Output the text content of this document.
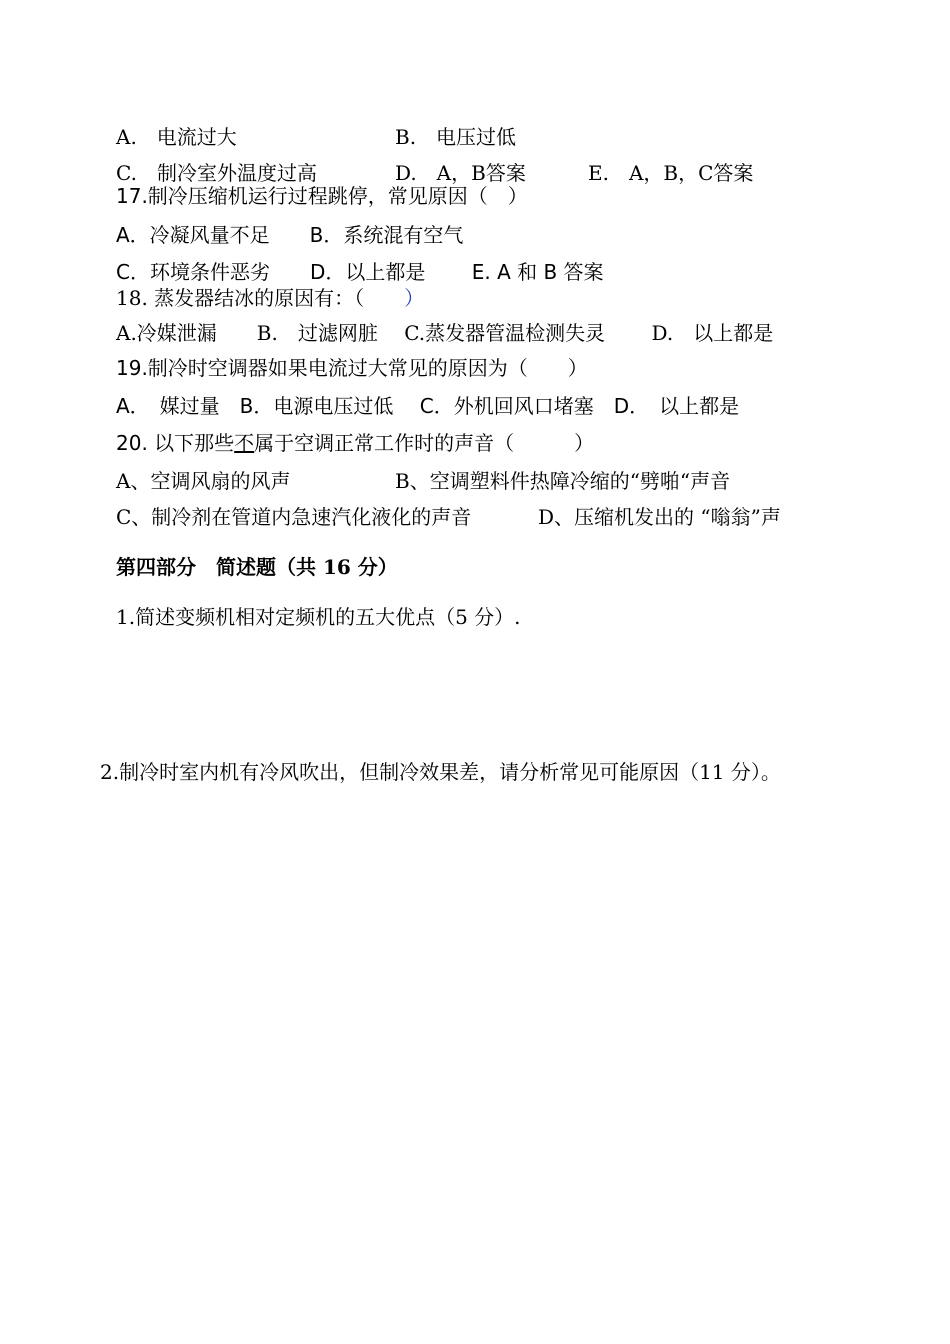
A.　电流过大	B.　电压过低
C.　制冷室外温度过高	D.　A，B答案	E.　A，B，C答案
17.制冷压缩机运行过程跳停，常见原因（　）
A．冷凝风量不足　　B．系统混有空气
C．环境条件恶劣　　D．以上都是　　 E. A 和 B 答案
18. 蒸发器结冰的原因有：（ ）
A.冷媒泄漏　　B.　过滤网脏　 C.蒸发器管温检测失灵　　 D.　以上都是
19.制冷时空调器如果电流过大常见的原因为（　　）
A．　媒过量　B．电源电压过低　 C．外机回风口堵塞　D．　以上都是
20. 以下那些不属于空调正常工作时的声音（　　　）
A、空调风扇的风声	B、空调塑料件热障冷缩的“劈啪“声音
C、制冷剂在管道内急速汽化液化的声音	D、压缩机发出的 “嗡翁”声
第四部分　简述题（共 16 分）
1.简述变频机相对定频机的五大优点（5 分）.
2.制冷时室内机有冷风吹出，但制冷效果差，请分析常见可能原因（11 分）。
